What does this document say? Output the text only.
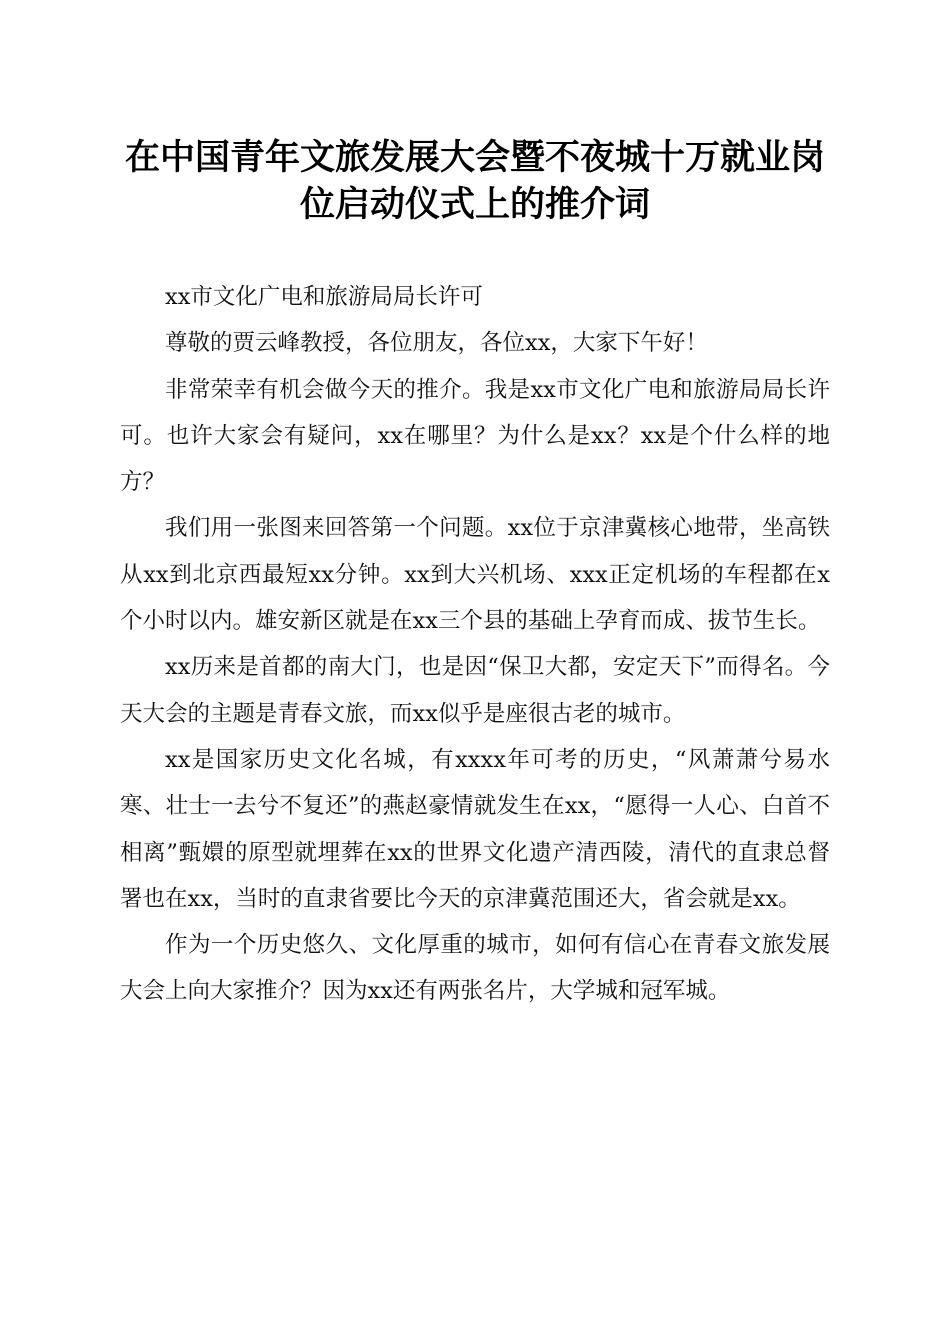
在中国青年文旅发展大会暨不夜城十万就业岗位启动仪式上的推介词

xx市文化广电和旅游局局长许可

尊敬的贾云峰教授，各位朋友，各位xx，大家下午好！

非常荣幸有机会做今天的推介。我是xx市文化广电和旅游局局长许可。也许大家会有疑问，xx在哪里？为什么是xx？xx是个什么样的地方？

我们用一张图来回答第一个问题。xx位于京津冀核心地带，坐高铁从xx到北京西最短xx分钟。xx到大兴机场、xxx正定机场的车程都在x个小时以内。雄安新区就是在xx三个县的基础上孕育而成、拔节生长。

xx历来是首都的南大门，也是因“保卫大都，安定天下”而得名。今天大会的主题是青春文旅，而xx似乎是座很古老的城市。

xx是国家历史文化名城，有xxxx年可考的历史，“风萧萧兮易水寒、壮士一去兮不复还”的燕赵豪情就发生在xx，“愿得一人心、白首不相离”甄嬛的原型就埋葬在xx的世界文化遗产清西陵，清代的直隶总督署也在xx，当时的直隶省要比今天的京津冀范围还大，省会就是xx。

作为一个历史悠久、文化厚重的城市，如何有信心在青春文旅发展大会上向大家推介？因为xx还有两张名片，大学城和冠军城。
